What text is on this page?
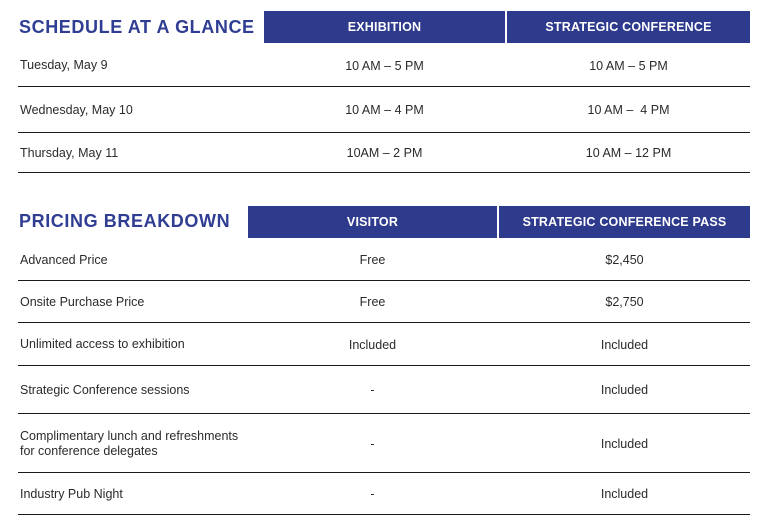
SCHEDULE AT A GLANCE	EXHIBITION	STRATEGIC CONFERENCE
Tuesday, May 9	10 AM – 5 PM	10 AM – 5 PM
Wednesday, May 10	10 AM – 4 PM	10 AM –  4 PM
Thursday, May 11	10AM – 2 PM	10 AM – 12 PM
PRICING BREAKDOWN	VISITOR	STRATEGIC CONFERENCE PASS
Advanced Price	Free	$2,450
Onsite Purchase Price	Free	$2,750
Unlimited access to exhibition	Included	Included
Strategic Conference sessions	-	Included
Complimentary lunch and refreshments for conference delegates	-	Included
Industry Pub Night	-	Included
